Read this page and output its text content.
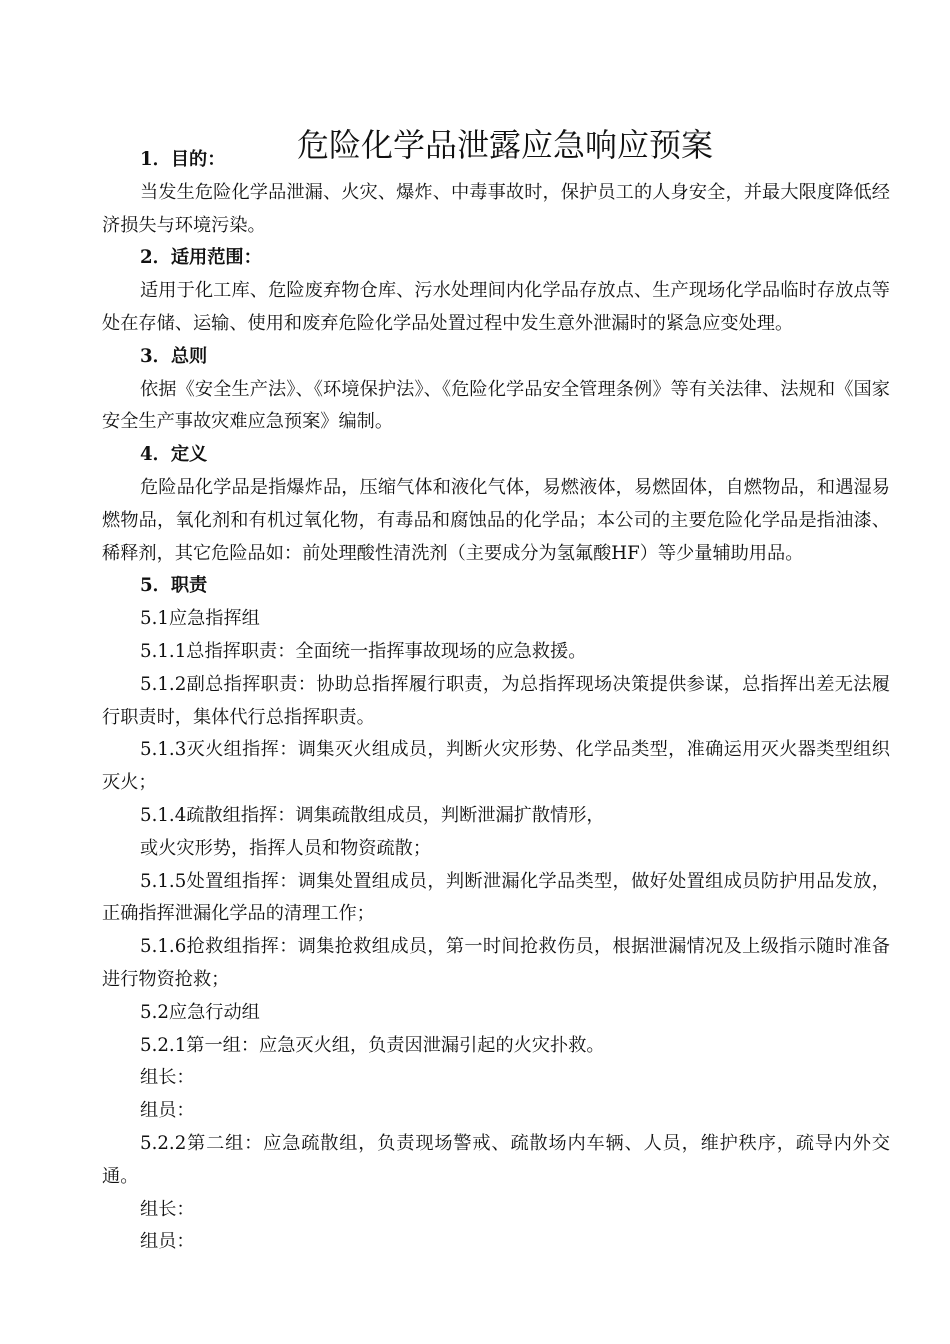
危险化学品泄露应急响应预案

1．目的：

当发生危险化学品泄漏、火灾、爆炸、中毒事故时，保护员工的人身安全，并最大限度降低经济损失与环境污染。

2．适用范围：

适用于化工库、危险废弃物仓库、污水处理间内化学品存放点、生产现场化学品临时存放点等处在存储、运输、使用和废弃危险化学品处置过程中发生意外泄漏时的紧急应变处理。

3．总则

依据《安全生产法》、《环境保护法》、《危险化学品安全管理条例》等有关法律、法规和《国家安全生产事故灾难应急预案》编制。

4．定义

危险品化学品是指爆炸品，压缩气体和液化气体，易燃液体，易燃固体，自燃物品，和遇湿易燃物品，氧化剂和有机过氧化物，有毒品和腐蚀品的化学品；本公司的主要危险化学品是指油漆、稀释剂，其它危险品如：前处理酸性清洗剂（主要成分为氢氟酸HF）等少量辅助用品。

5．职责

5.1应急指挥组

5.1.1总指挥职责：全面统一指挥事故现场的应急救援。

5.1.2副总指挥职责：协助总指挥履行职责，为总指挥现场决策提供参谋，总指挥出差无法履行职责时，集体代行总指挥职责。

5.1.3灭火组指挥：调集灭火组成员，判断火灾形势、化学品类型，准确运用灭火器类型组织灭火；

5.1.4疏散组指挥：调集疏散组成员，判断泄漏扩散情形，

或火灾形势，指挥人员和物资疏散；

5.1.5处置组指挥：调集处置组成员，判断泄漏化学品类型，做好处置组成员防护用品发放，正确指挥泄漏化学品的清理工作；

5.1.6抢救组指挥：调集抢救组成员，第一时间抢救伤员，根据泄漏情况及上级指示随时准备进行物资抢救；

5.2应急行动组

5.2.1第一组：应急灭火组，负责因泄漏引起的火灾扑救。

组长：

组员：

5.2.2第二组：应急疏散组，负责现场警戒、疏散场内车辆、人员，维护秩序，疏导内外交通。

组长：

组员：
